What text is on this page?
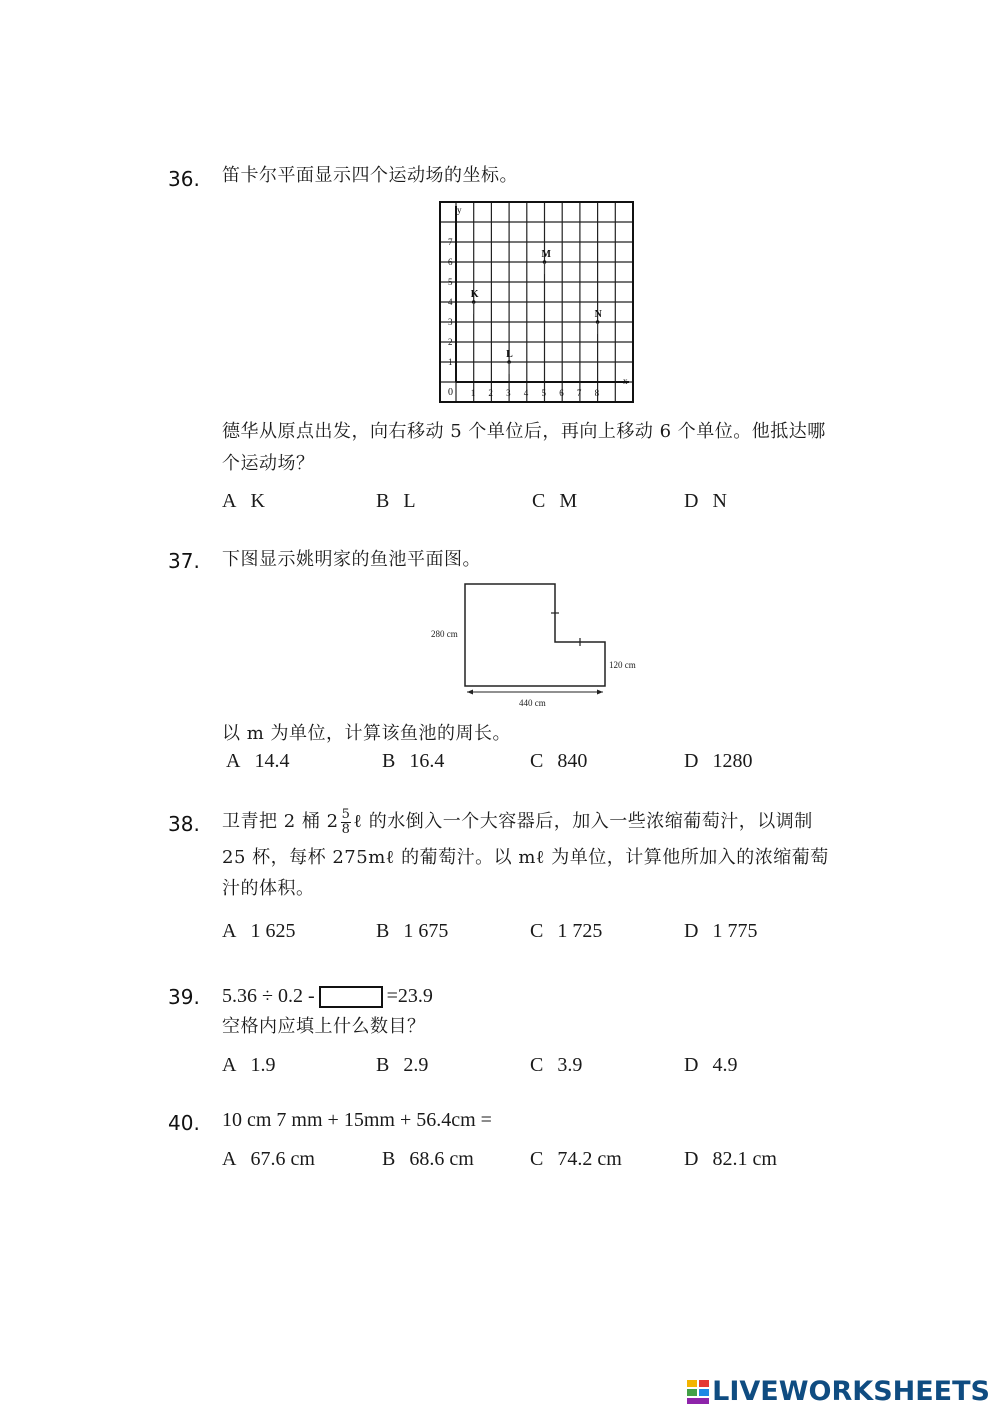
36. 笛卡尔平面显示四个运动场的坐标。
y
x
0 1 2 3 4 5 6 7 8
1
2
3
4
5
6
7
K
L
M
N
德华从原点出发，向右移动 5 个单位后，再向上移动 6 个单位。他抵达哪
个运动场？
A K	B L	C M	D N
37. 下图显示姚明家的鱼池平面图。
280 cm
120 cm
440 cm
以 m 为单位，计算该鱼池的周长。
A 14.4	B 16.4	C 840	D 1280
38. 卫青把 2 桶 $2 \frac{5}{8}$ ℓ 的水倒入一个大容器后，加入一些浓缩葡萄汁，以调制
25 杯，每杯 275mℓ 的葡萄汁。以 mℓ 为单位，计算他所加入的浓缩葡萄
汁的体积。
A 1 625	B 1 675	C 1 725	D 1 775
39. 5.36 ÷ 0.2 -	=23.9
空格内应填上什么数目？
A 1.9	B 2.9	C 3.9	D 4.9
40. 10 cm 7 mm + 15mm + 56.4cm =
A 67.6 cm	B 68.6 cm	C 74.2 cm	D 82.1 cm
LIVEWORKSHEETS
